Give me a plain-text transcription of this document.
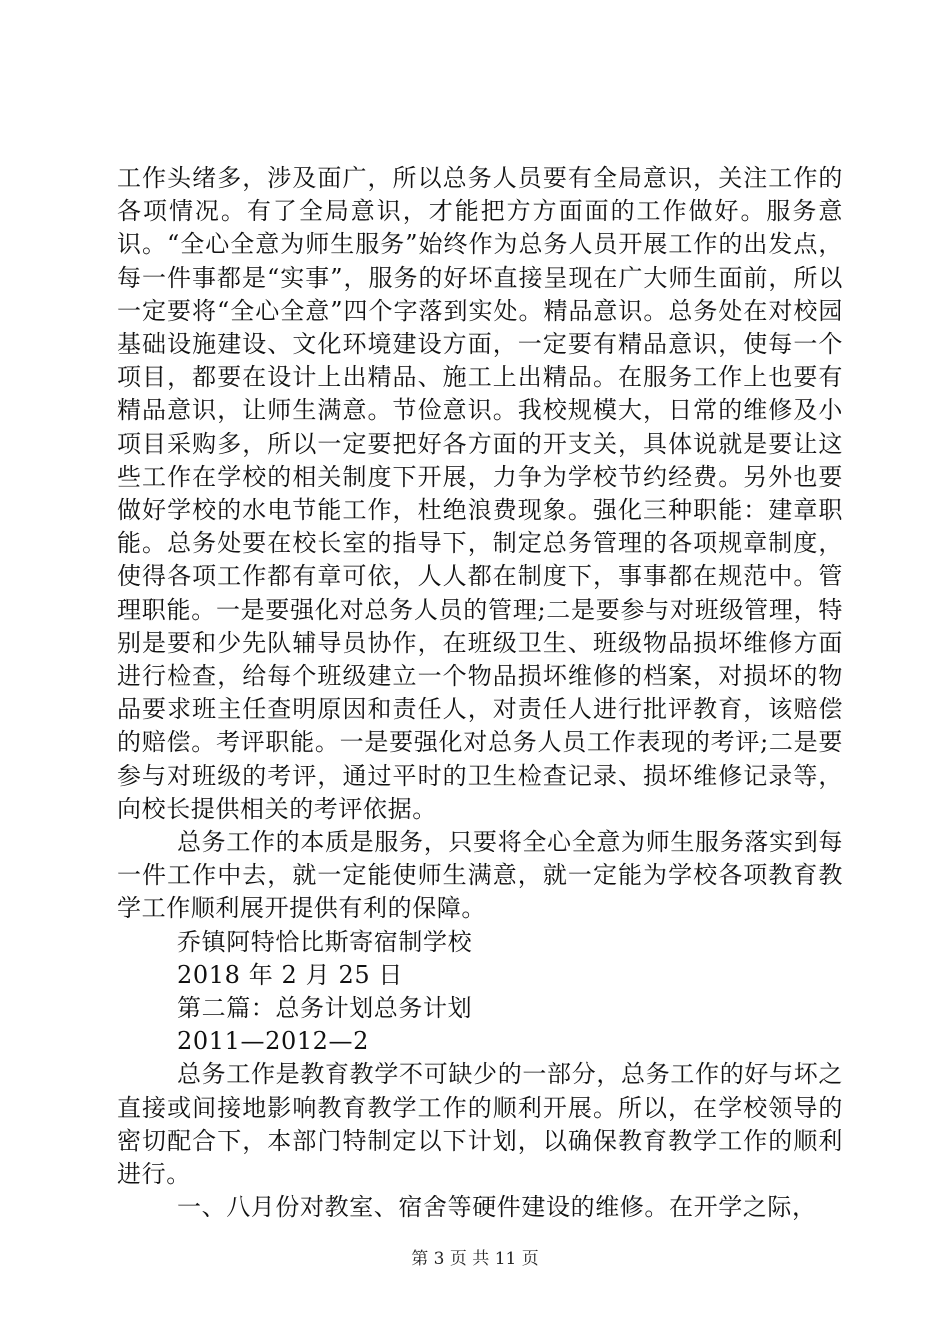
工作头绪多，涉及面广，所以总务人员要有全局意识，关注工作的各项情况。有了全局意识，才能把方方面面的工作做好。服务意识。“全心全意为师生服务”始终作为总务人员开展工作的出发点，每一件事都是“实事”，服务的好坏直接呈现在广大师生面前，所以一定要将“全心全意”四个字落到实处。精品意识。总务处在对校园基础设施建设、文化环境建设方面，一定要有精品意识，使每一个项目，都要在设计上出精品、施工上出精品。在服务工作上也要有精品意识，让师生满意。节俭意识。我校规模大，日常的维修及小项目采购多，所以一定要把好各方面的开支关，具体说就是要让这些工作在学校的相关制度下开展，力争为学校节约经费。另外也要做好学校的水电节能工作，杜绝浪费现象。强化三种职能：建章职能。总务处要在校长室的指导下，制定总务管理的各项规章制度，使得各项工作都有章可依，人人都在制度下，事事都在规范中。管理职能。一是要强化对总务人员的管理;二是要参与对班级管理，特别是要和少先队辅导员协作，在班级卫生、班级物品损坏维修方面进行检查，给每个班级建立一个物品损坏维修的档案，对损坏的物品要求班主任查明原因和责任人，对责任人进行批评教育，该赔偿的赔偿。考评职能。一是要强化对总务人员工作表现的考评;二是要参与对班级的考评，通过平时的卫生检查记录、损坏维修记录等，向校长提供相关的考评依据。

总务工作的本质是服务，只要将全心全意为师生服务落实到每一件工作中去，就一定能使师生满意，就一定能为学校各项教育教学工作顺利展开提供有利的保障。

乔镇阿特恰比斯寄宿制学校

2018 年 2 月 25 日

第二篇：总务计划总务计划

2011—2012—2

总务工作是教育教学不可缺少的一部分，总务工作的好与坏之直接或间接地影响教育教学工作的顺利开展。所以，在学校领导的密切配合下，本部门特制定以下计划，以确保教育教学工作的顺利进行。

一、八月份对教室、宿舍等硬件建设的维修。在开学之际，

第 3 页 共 11 页
